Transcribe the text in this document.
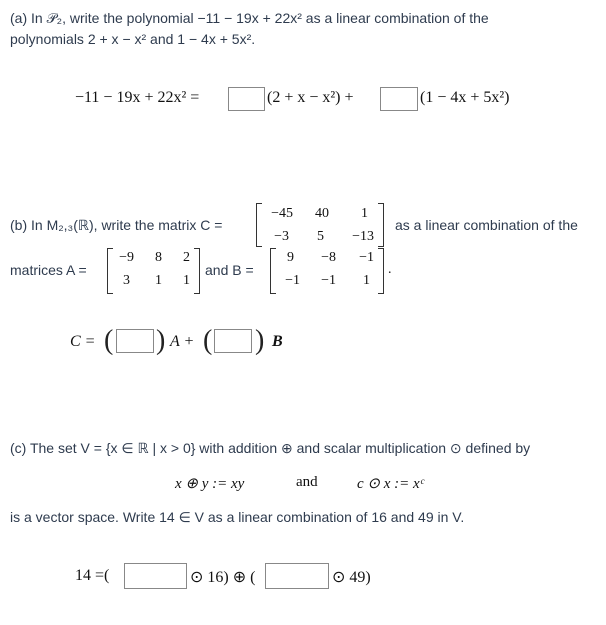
(a) In 𝒫₂, write the polynomial −11 − 19x + 22x² as a linear combination of the
polynomials 2 + x − x² and 1 − 4x + 5x².
−11 − 19x + 22x² =	(2 + x − x²) +	(1 − 4x + 5x²)
(b) In M₂,₃(ℝ), write the matrix C =	as a linear combination of the
−45	40	1
−3	5	−13
matrices A =
−9	8	2
3	1	1
and B =
9	−8	−1
−1	−1	1
.
C = ( ) A + ( ) B
(c) The set V = {x ∈ ℝ | x > 0} with addition ⊕ and scalar multiplication ⊙ defined by
x ⊕ y := xy	and	c ⊙ x := xᶜ
is a vector space. Write 14 ∈ V as a linear combination of 16 and 49 in V.
14 =(	⊙ 16) ⊕ (	⊙ 49)
